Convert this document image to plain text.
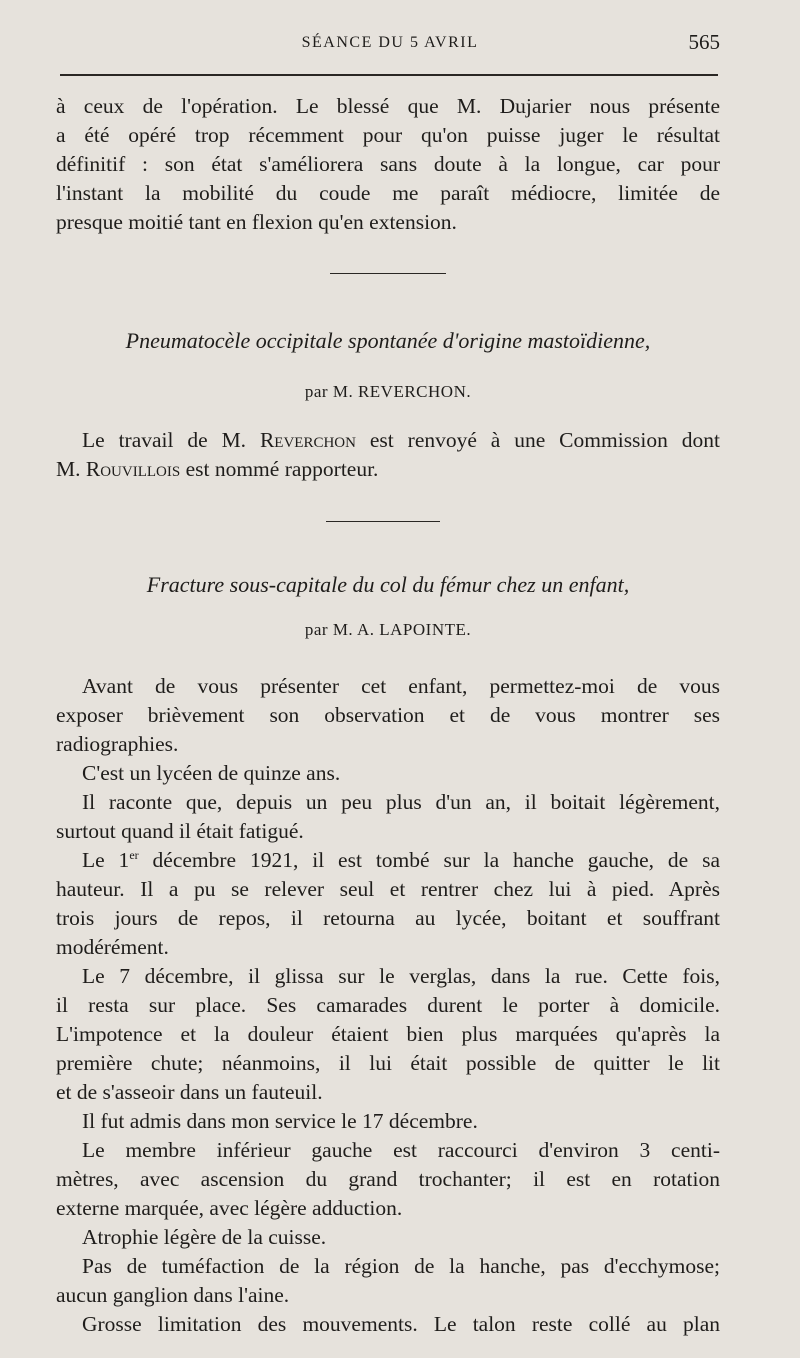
SÉANCE DU 5 AVRIL	565
à ceux de l'opération. Le blessé que M. Dujarier nous présente
a été opéré trop récemment pour qu'on puisse juger le résultat
définitif : son état s'améliorera sans doute à la longue, car pour
l'instant la mobilité du coude me paraît médiocre, limitée de
presque moitié tant en flexion qu'en extension.
Pneumatocèle occipitale spontanée d'origine mastoïdienne,
par M. REVERCHON.
Le travail de M. Reverchon est renvoyé à une Commission dont
M. Rouvillois est nommé rapporteur.
Fracture sous-capitale du col du fémur chez un enfant,
par M. A. LAPOINTE.
Avant de vous présenter cet enfant, permettez-moi de vous
exposer brièvement son observation et de vous montrer ses
radiographies.
C'est un lycéen de quinze ans.
Il raconte que, depuis un peu plus d'un an, il boitait légèrement,
surtout quand il était fatigué.
Le 1er décembre 1921, il est tombé sur la hanche gauche, de sa
hauteur. Il a pu se relever seul et rentrer chez lui à pied. Après
trois jours de repos, il retourna au lycée, boitant et souffrant
modérément.
Le 7 décembre, il glissa sur le verglas, dans la rue. Cette fois,
il resta sur place. Ses camarades durent le porter à domicile.
L'impotence et la douleur étaient bien plus marquées qu'après la
première chute; néanmoins, il lui était possible de quitter le lit
et de s'asseoir dans un fauteuil.
Il fut admis dans mon service le 17 décembre.
Le membre inférieur gauche est raccourci d'environ 3 centi-
mètres, avec ascension du grand trochanter; il est en rotation
externe marquée, avec légère adduction.
Atrophie légère de la cuisse.
Pas de tuméfaction de la région de la hanche, pas d'ecchymose;
aucun ganglion dans l'aine.
Grosse limitation des mouvements. Le talon reste collé au plan
